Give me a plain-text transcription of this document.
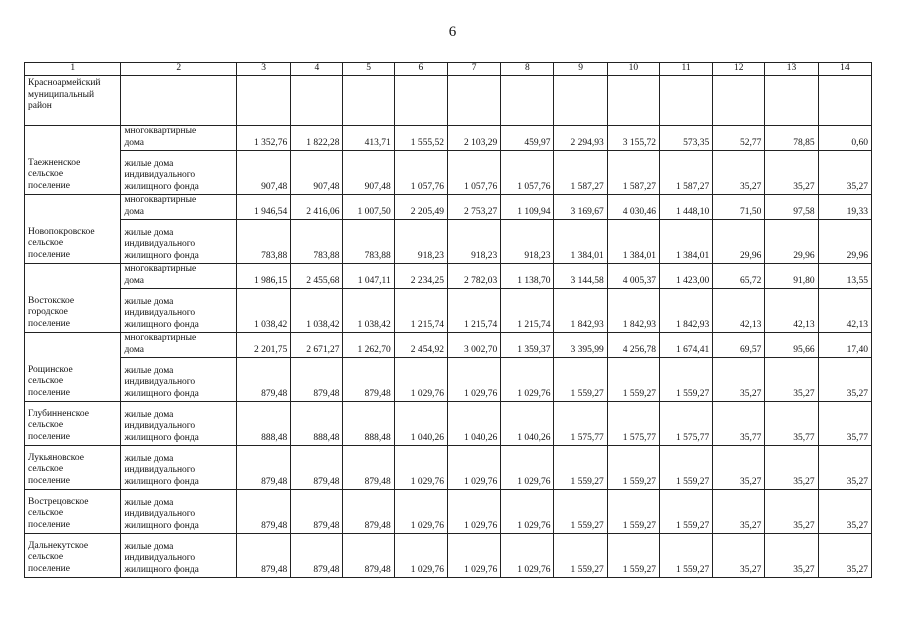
6
1	2	3	4	5	6	7	8	9	10	11	12	13	14

Красноармейский
муниципальный
район													

Таежненское
сельское
поселение	многоквартирные
дома	1 352,76	1 822,28	413,71	1 555,52	2 103,29	459,97	2 294,93	3 155,72	573,35	52,77	78,85	0,60

	жилые дома
индивидуального
жилищного фонда	907,48	907,48	907,48	1 057,76	1 057,76	1 057,76	1 587,27	1 587,27	1 587,27	35,27	35,27	35,27

Новопокровское
сельское
поселение	многоквартирные
дома	1 946,54	2 416,06	1 007,50	2 205,49	2 753,27	1 109,94	3 169,67	4 030,46	1 448,10	71,50	97,58	19,33

	жилые дома
индивидуального
жилищного фонда	783,88	783,88	783,88	918,23	918,23	918,23	1 384,01	1 384,01	1 384,01	29,96	29,96	29,96

Востокское
городское
поселение	многоквартирные
дома	1 986,15	2 455,68	1 047,11	2 234,25	2 782,03	1 138,70	3 144,58	4 005,37	1 423,00	65,72	91,80	13,55

	жилые дома
индивидуального
жилищного фонда	1 038,42	1 038,42	1 038,42	1 215,74	1 215,74	1 215,74	1 842,93	1 842,93	1 842,93	42,13	42,13	42,13

Рощинское
сельское
поселение	многоквартирные
дома	2 201,75	2 671,27	1 262,70	2 454,92	3 002,70	1 359,37	3 395,99	4 256,78	1 674,41	69,57	95,66	17,40

	жилые дома
индивидуального
жилищного фонда	879,48	879,48	879,48	1 029,76	1 029,76	1 029,76	1 559,27	1 559,27	1 559,27	35,27	35,27	35,27

Глубинненское
сельское
поселение	жилые дома
индивидуального
жилищного фонда	888,48	888,48	888,48	1 040,26	1 040,26	1 040,26	1 575,77	1 575,77	1 575,77	35,77	35,77	35,77

Лукьяновское
сельское
поселение	жилые дома
индивидуального
жилищного фонда	879,48	879,48	879,48	1 029,76	1 029,76	1 029,76	1 559,27	1 559,27	1 559,27	35,27	35,27	35,27

Вострецовское
сельское
поселение	жилые дома
индивидуального
жилищного фонда	879,48	879,48	879,48	1 029,76	1 029,76	1 029,76	1 559,27	1 559,27	1 559,27	35,27	35,27	35,27

Дальнекутское
сельское
поселение	жилые дома
индивидуального
жилищного фонда	879,48	879,48	879,48	1 029,76	1 029,76	1 029,76	1 559,27	1 559,27	1 559,27	35,27	35,27	35,27
